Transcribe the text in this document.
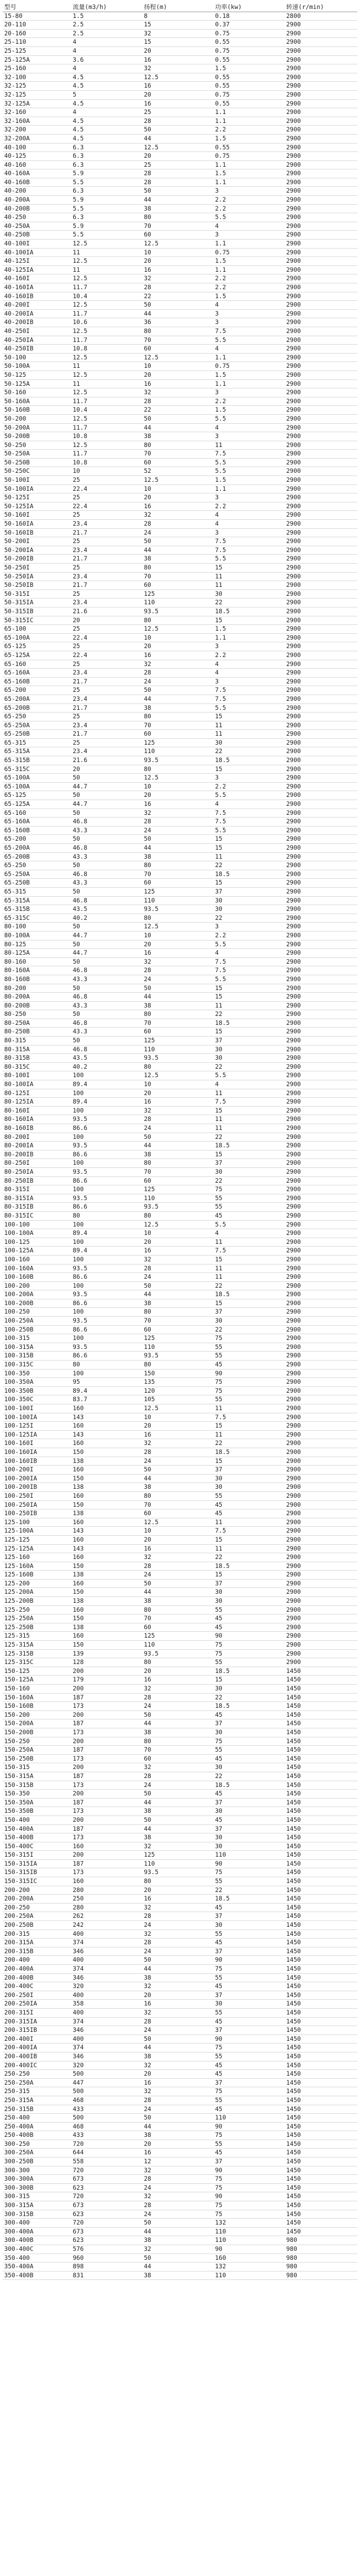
型号	流量(m3/h)	扬程(m)	功率(kw)	转速(r/min)
15-80	1.5	8	0.18	2800
20-110	2.5	15	0.37	2900
20-160	2.5	32	0.75	2900
25-110	4	15	0.55	2900
25-125	4	20	0.75	2900
25-125A	3.6	16	0.55	2900
25-160	4	32	1.5	2900
32-100	4.5	12.5	0.55	2900
32-125	4.5	16	0.55	2900
32-125	5	20	0.75	2900
32-125A	4.5	16	0.55	2900
32-160	4	25	1.1	2900
32-160A	4.5	28	1.1	2900
32-200	4.5	50	2.2	2900
32-200A	4.5	44	1.5	2900
40-100	6.3	12.5	0.55	2900
40-125	6.3	20	0.75	2900
40-160	6.3	25	1.1	2900
40-160A	5.9	28	1.5	2900
40-160B	5.5	28	1.1	2900
40-200	6.3	50	3	2900
40-200A	5.9	44	2.2	2900
40-200B	5.5	38	2.2	2900
40-250	6.3	80	5.5	2900
40-250A	5.9	70	4	2900
40-250B	5.5	60	3	2900
40-100I	12.5	12.5	1.1	2900
40-100IA	11	10	0.75	2900
40-125I	12.5	20	1.5	2900
40-125IA	11	16	1.1	2900
40-160I	12.5	32	2.2	2900
40-160IA	11.7	28	2.2	2900
40-160IB	10.4	22	1.5	2900
40-200I	12.5	50	4	2900
40-200IA	11.7	44	3	2900
40-200IB	10.6	36	3	2900
40-250I	12.5	80	7.5	2900
40-250IA	11.7	70	5.5	2900
40-250IB	10.8	60	4	2900
50-100	12.5	12.5	1.1	2900
50-100A	11	10	0.75	2900
50-125	12.5	20	1.5	2900
50-125A	11	16	1.1	2900
50-160	12.5	32	3	2900
50-160A	11.7	28	2.2	2900
50-160B	10.4	22	1.5	2900
50-200	12.5	50	5.5	2900
50-200A	11.7	44	4	2900
50-200B	10.8	38	3	2900
50-250	12.5	80	11	2900
50-250A	11.7	70	7.5	2900
50-250B	10.8	60	5.5	2900
50-250C	10	52	5.5	2900
50-100I	25	12.5	1.5	2900
50-100IA	22.4	10	1.1	2900
50-125I	25	20	3	2900
50-125IA	22.4	16	2.2	2900
50-160I	25	32	4	2900
50-160IA	23.4	28	4	2900
50-160IB	21.7	24	3	2900
50-200I	25	50	7.5	2900
50-200IA	23.4	44	7.5	2900
50-200IB	21.7	38	5.5	2900
50-250I	25	80	15	2900
50-250IA	23.4	70	11	2900
50-250IB	21.7	60	11	2900
50-315I	25	125	30	2900
50-315IA	23.4	110	22	2900
50-315IB	21.6	93.5	18.5	2900
50-315IC	20	80	15	2900
65-100	25	12.5	1.5	2900
65-100A	22.4	10	1.1	2900
65-125	25	20	3	2900
65-125A	22.4	16	2.2	2900
65-160	25	32	4	2900
65-160A	23.4	28	4	2900
65-160B	21.7	24	3	2900
65-200	25	50	7.5	2900
65-200A	23.4	44	7.5	2900
65-200B	21.7	38	5.5	2900
65-250	25	80	15	2900
65-250A	23.4	70	11	2900
65-250B	21.7	60	11	2900
65-315	25	125	30	2900
65-315A	23.4	110	22	2900
65-315B	21.6	93.5	18.5	2900
65-315C	20	80	15	2900
65-100A	50	12.5	3	2900
65-100A	44.7	10	2.2	2900
65-125	50	20	5.5	2900
65-125A	44.7	16	4	2900
65-160	50	32	7.5	2900
65-160A	46.8	28	7.5	2900
65-160B	43.3	24	5.5	2900
65-200	50	50	15	2900
65-200A	46.8	44	15	2900
65-200B	43.3	38	11	2900
65-250	50	80	22	2900
65-250A	46.8	70	18.5	2900
65-250B	43.3	60	15	2900
65-315	50	125	37	2900
65-315A	46.8	110	30	2900
65-315B	43.5	93.5	30	2900
65-315C	40.2	80	22	2900
80-100	50	12.5	3	2900
80-100A	44.7	10	2.2	2900
80-125	50	20	5.5	2900
80-125A	44.7	16	4	2900
80-160	50	32	7.5	2900
80-160A	46.8	28	7.5	2900
80-160B	43.3	24	5.5	2900
80-200	50	50	15	2900
80-200A	46.8	44	15	2900
80-200B	43.3	38	11	2900
80-250	50	80	22	2900
80-250A	46.8	70	18.5	2900
80-250B	43.3	60	15	2900
80-315	50	125	37	2900
80-315A	46.8	110	30	2900
80-315B	43.5	93.5	30	2900
80-315C	40.2	80	22	2900
80-100I	100	12.5	5.5	2900
80-100IA	89.4	10	4	2900
80-125I	100	20	11	2900
80-125IA	89.4	16	7.5	2900
80-160I	100	32	15	2900
80-160IA	93.5	28	11	2900
80-160IB	86.6	24	11	2900
80-200I	100	50	22	2900
80-200IA	93.5	44	18.5	2900
80-200IB	86.6	38	15	2900
80-250I	100	80	37	2900
80-250IA	93.5	70	30	2900
80-250IB	86.6	60	22	2900
80-315I	100	125	75	2900
80-315IA	93.5	110	55	2900
80-315IB	86.6	93.5	55	2900
80-315IC	80	80	45	2900
100-100	100	12.5	5.5	2900
100-100A	89.4	10	4	2900
100-125	100	20	11	2900
100-125A	89.4	16	7.5	2900
100-160	100	32	15	2900
100-160A	93.5	28	11	2900
100-160B	86.6	24	11	2900
100-200	100	50	22	2900
100-200A	93.5	44	18.5	2900
100-200B	86.6	38	15	2900
100-250	100	80	37	2900
100-250A	93.5	70	30	2900
100-250B	86.6	60	22	2900
100-315	100	125	75	2900
100-315A	93.5	110	55	2900
100-315B	86.6	93.5	55	2900
100-315C	80	80	45	2900
100-350	100	150	90	2900
100-350A	95	135	75	2900
100-350B	89.4	120	75	2900
100-350C	83.7	105	55	2900
100-100I	160	12.5	11	2900
100-100IA	143	10	7.5	2900
100-125I	160	20	15	2900
100-125IA	143	16	11	2900
100-160I	160	32	22	2900
100-160IA	150	28	18.5	2900
100-160IB	138	24	15	2900
100-200I	160	50	37	2900
100-200IA	150	44	30	2900
100-200IB	138	38	30	2900
100-250I	160	80	55	2900
100-250IA	150	70	45	2900
100-250IB	138	60	45	2900
125-100	160	12.5	11	2900
125-100A	143	10	7.5	2900
125-125	160	20	15	2900
125-125A	143	16	11	2900
125-160	160	32	22	2900
125-160A	150	28	18.5	2900
125-160B	138	24	15	2900
125-200	160	50	37	2900
125-200A	150	44	30	2900
125-200B	138	38	30	2900
125-250	160	80	55	2900
125-250A	150	70	45	2900
125-250B	138	60	45	2900
125-315	160	125	90	2900
125-315A	150	110	75	2900
125-315B	139	93.5	75	2900
125-315C	128	80	55	2900
150-125	200	20	18.5	1450
150-125A	179	16	15	1450
150-160	200	32	30	1450
150-160A	187	28	22	1450
150-160B	173	24	18.5	1450
150-200	200	50	45	1450
150-200A	187	44	37	1450
150-200B	173	38	30	1450
150-250	200	80	75	1450
150-250A	187	70	55	1450
150-250B	173	60	45	1450
150-315	200	32	30	1450
150-315A	187	28	22	1450
150-315B	173	24	18.5	1450
150-350	200	50	45	1450
150-350A	187	44	37	1450
150-350B	173	38	30	1450
150-400	200	50	45	1450
150-400A	187	44	37	1450
150-400B	173	38	30	1450
150-400C	160	32	30	1450
150-315I	200	125	110	1450
150-315IA	187	110	90	1450
150-315IB	173	93.5	75	1450
150-315IC	160	80	55	1450
200-200	280	20	22	1450
200-200A	250	16	18.5	1450
200-250	280	32	45	1450
200-250A	262	28	37	1450
200-250B	242	24	30	1450
200-315	400	32	55	1450
200-315A	374	28	45	1450
200-315B	346	24	37	1450
200-400	400	50	90	1450
200-400A	374	44	75	1450
200-400B	346	38	55	1450
200-400C	320	32	45	1450
200-250I	400	20	37	1450
200-250IA	358	16	30	1450
200-315I	400	32	55	1450
200-315IA	374	28	45	1450
200-315IB	346	24	37	1450
200-400I	400	50	90	1450
200-400IA	374	44	75	1450
200-400IB	346	38	55	1450
200-400IC	320	32	45	1450
250-250	500	20	45	1450
250-250A	447	16	37	1450
250-315	500	32	75	1450
250-315A	468	28	55	1450
250-315B	433	24	45	1450
250-400	500	50	110	1450
250-400A	468	44	90	1450
250-400B	433	38	75	1450
300-250	720	20	55	1450
300-250A	644	16	45	1450
300-250B	558	12	37	1450
300-300	720	32	90	1450
300-300A	673	28	75	1450
300-300B	623	24	75	1450
300-315	720	32	90	1450
300-315A	673	28	75	1450
300-315B	623	24	75	1450
300-400	720	50	132	1450
300-400A	673	44	110	1450
300-400B	623	38	110	980
300-400C	576	32	90	980
350-400	960	50	160	980
350-400A	898	44	132	980
350-400B	831	38	110	980
